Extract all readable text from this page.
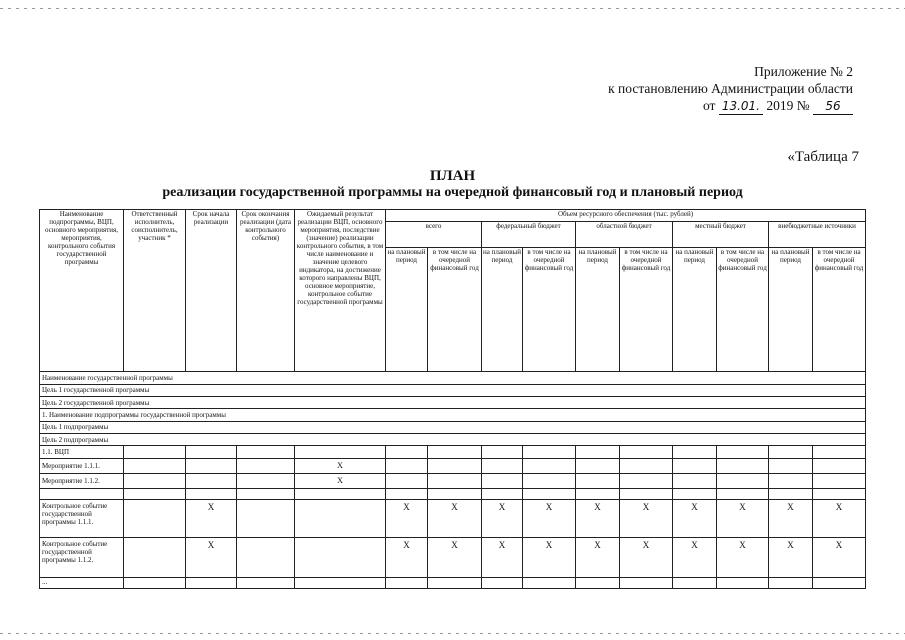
Приложение № 2
к постановлению Администрации области
от 13.01. 2019 № 56
«Таблица 7
ПЛАН
реализации государственной программы на очередной финансовый год и плановый период
Наименование подпрограммы, ВЦП, основного мероприятия, мероприятия, контрольного события государственной программы	Ответственный исполнитель, соисполнитель, участник *	Срок начала реализации	Срок окончания реализации (дата контрольного события)	Ожидаемый результат реализации ВЦП, основного мероприятия, последствие (значение) реализации контрольного события, в том числе наименование и значение целевого индикатора, на достижение которого направлены ВЦП, основное мероприятие, контрольное событие государственной программы	Объем ресурсного обеспечения (тыс. рублей)									
					всего		федеральный бюджет		областной бюджет		местный бюджет		внебюджетные источники	
					на плановый период	в том числе на очередной финансовый год	на плановый период	в том числе на очередной финансовый год	на плановый период	в том числе на очередной финансовый год	на плановый период	в том числе на очередной финансовый год	на плановый период	в том числе на очередной финансовый год
Наименование государственной программы														
Цель 1 государственной программы														
Цель 2 государственной программы														
1. Наименование подпрограммы государственной программы														
Цель 1 подпрограммы														
Цель 2 подпрограммы														
1.1. ВЦП														
Мероприятие 1.1.1.				X										
Мероприятие 1.1.2.				X										

Контрольное событие государственной программы 1.1.1.		X			X	X	X	X	X	X	X	X	X	X
Контрольное событие государственной программы 1.1.2.		X			X	X	X	X	X	X	X	X	X	X
...														
